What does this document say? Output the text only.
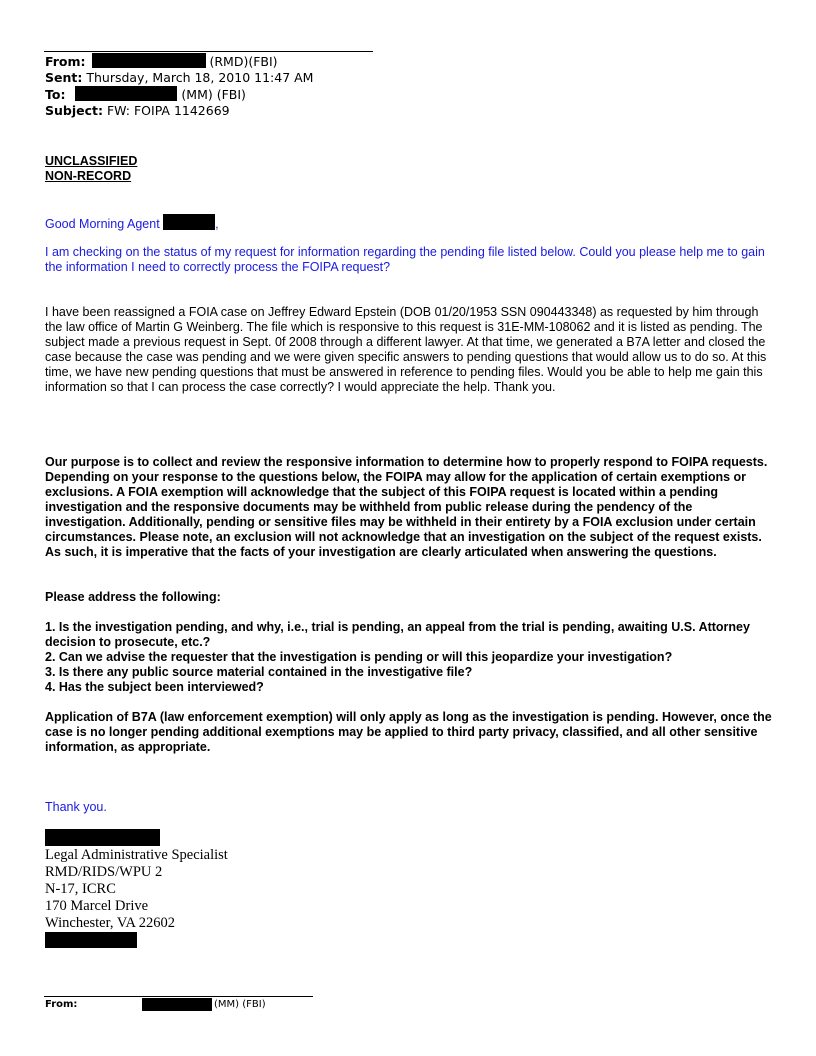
From:	(RMD)(FBI)
Sent: Thursday, March 18, 2010 11:47 AM
To:	(MM) (FBI)
Subject: FW: FOIPA 1142669
UNCLASSIFIED
NON-RECORD
Good Morning Agent	,

I am checking on the status of my request for information regarding the pending file listed below. Could you please help me to gain the information I need to correctly process the FOIPA request?

I have been reassigned a FOIA case on Jeffrey Edward Epstein (DOB 01/20/1953 SSN 090443348) as requested by him through the law office of Martin G Weinberg. The file which is responsive to this request is 31E-MM-108062 and it is listed as pending. The subject made a previous request in Sept. 0f 2008 through a different lawyer. At that time, we generated a B7A letter and closed the case because the case was pending and we were given specific answers to pending questions that would allow us to do so. At this time, we have new pending questions that must be answered in reference to pending files. Would you be able to help me gain this information so that I can process the case correctly? I would appreciate the help. Thank you.

Our purpose is to collect and review the responsive information to determine how to properly respond to FOIPA requests. Depending on your response to the questions below, the FOIPA may allow for the application of certain exemptions or exclusions. A FOIA exemption will acknowledge that the subject of this FOIPA request is located within a pending investigation and the responsive documents may be withheld from public release during the pendency of the investigation. Additionally, pending or sensitive files may be withheld in their entirety by a FOIA exclusion under certain circumstances. Please note, an exclusion will not acknowledge that an investigation on the subject of the request exists. As such, it is imperative that the facts of your investigation are clearly articulated when answering the questions.

Please address the following:

1. Is the investigation pending, and why, i.e., trial is pending, an appeal from the trial is pending, awaiting U.S. Attorney decision to prosecute, etc.?
2. Can we advise the requester that the investigation is pending or will this jeopardize your investigation?
3. Is there any public source material contained in the investigative file?
4. Has the subject been interviewed?

Application of B7A (law enforcement exemption) will only apply as long as the investigation is pending. However, once the case is no longer pending additional exemptions may be applied to third party privacy, classified, and all other sensitive information, as appropriate.

Thank you.

Legal Administrative Specialist
RMD/RIDS/WPU 2
N-17, ICRC
170 Marcel Drive
Winchester, VA 22602
From:	(MM) (FBI)
